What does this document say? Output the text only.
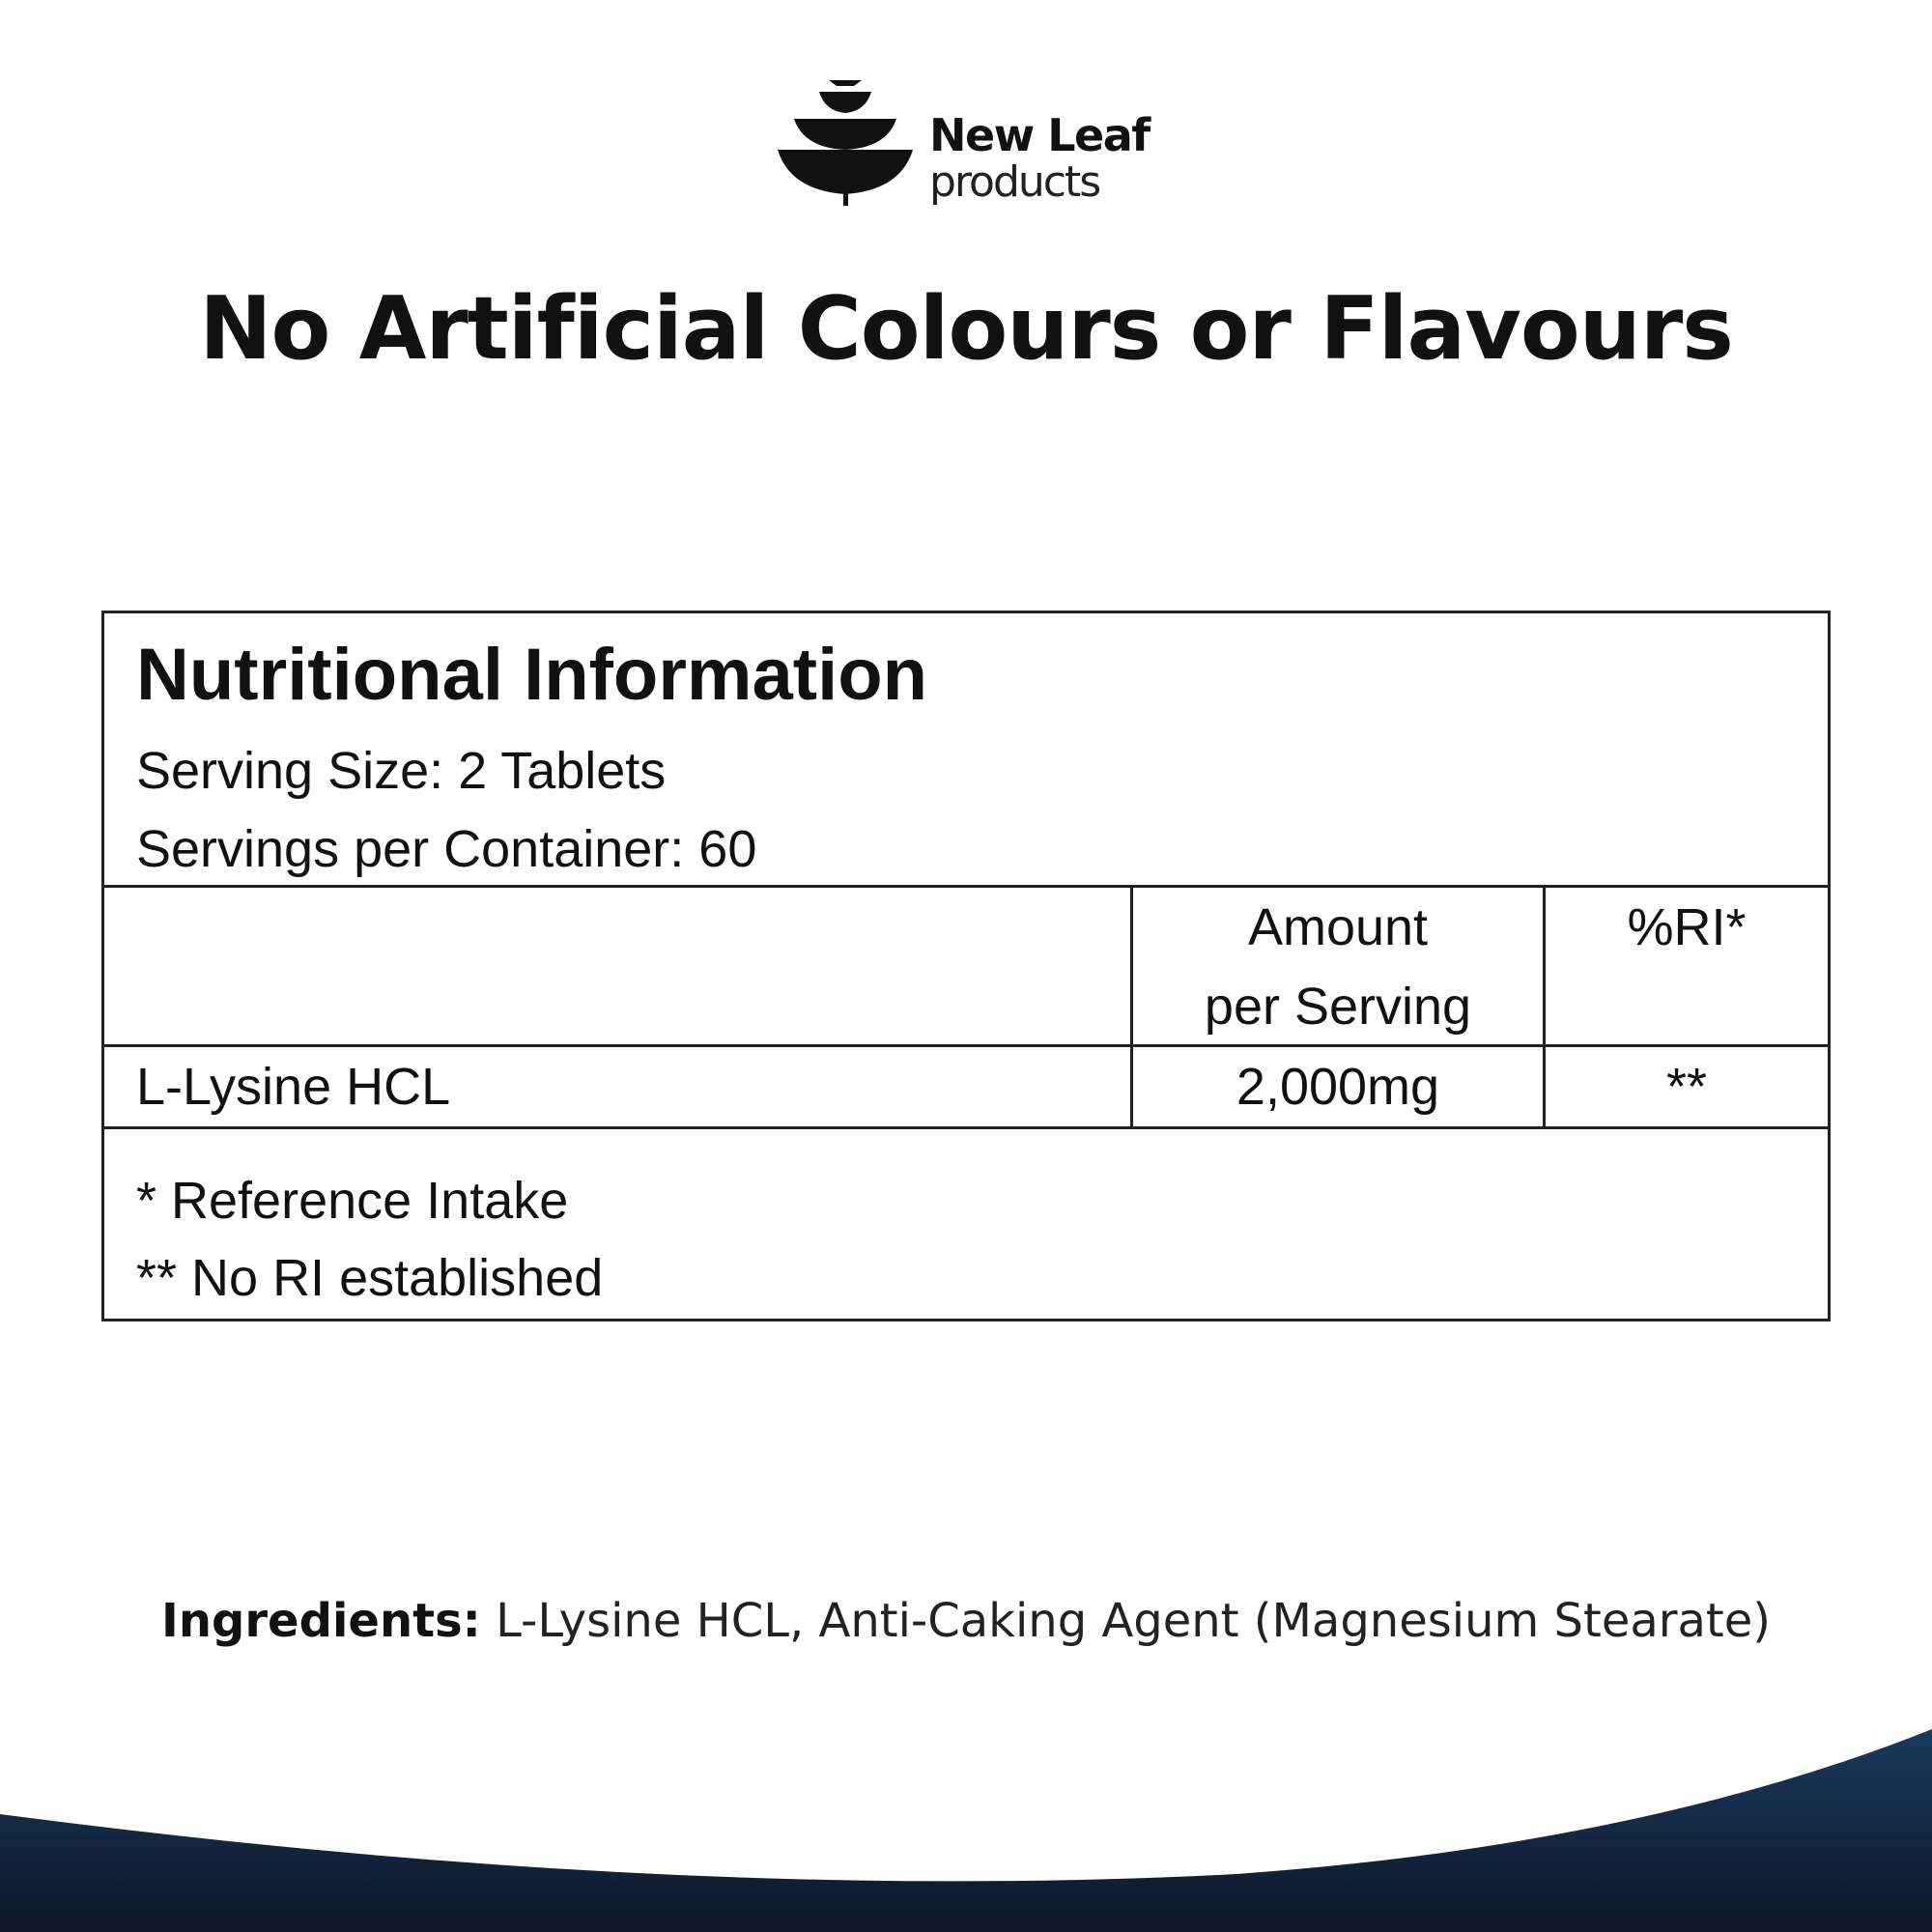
New Leaf
products
No Artificial Colours or Flavours
Nutritional Information
Serving Size: 2 Tablets
Servings per Container: 60
Amount
per Serving
%RI*
L-Lysine HCL	2,000mg	**
* Reference Intake
** No RI established
Ingredients: L-Lysine HCL, Anti-Caking Agent (Magnesium Stearate)
